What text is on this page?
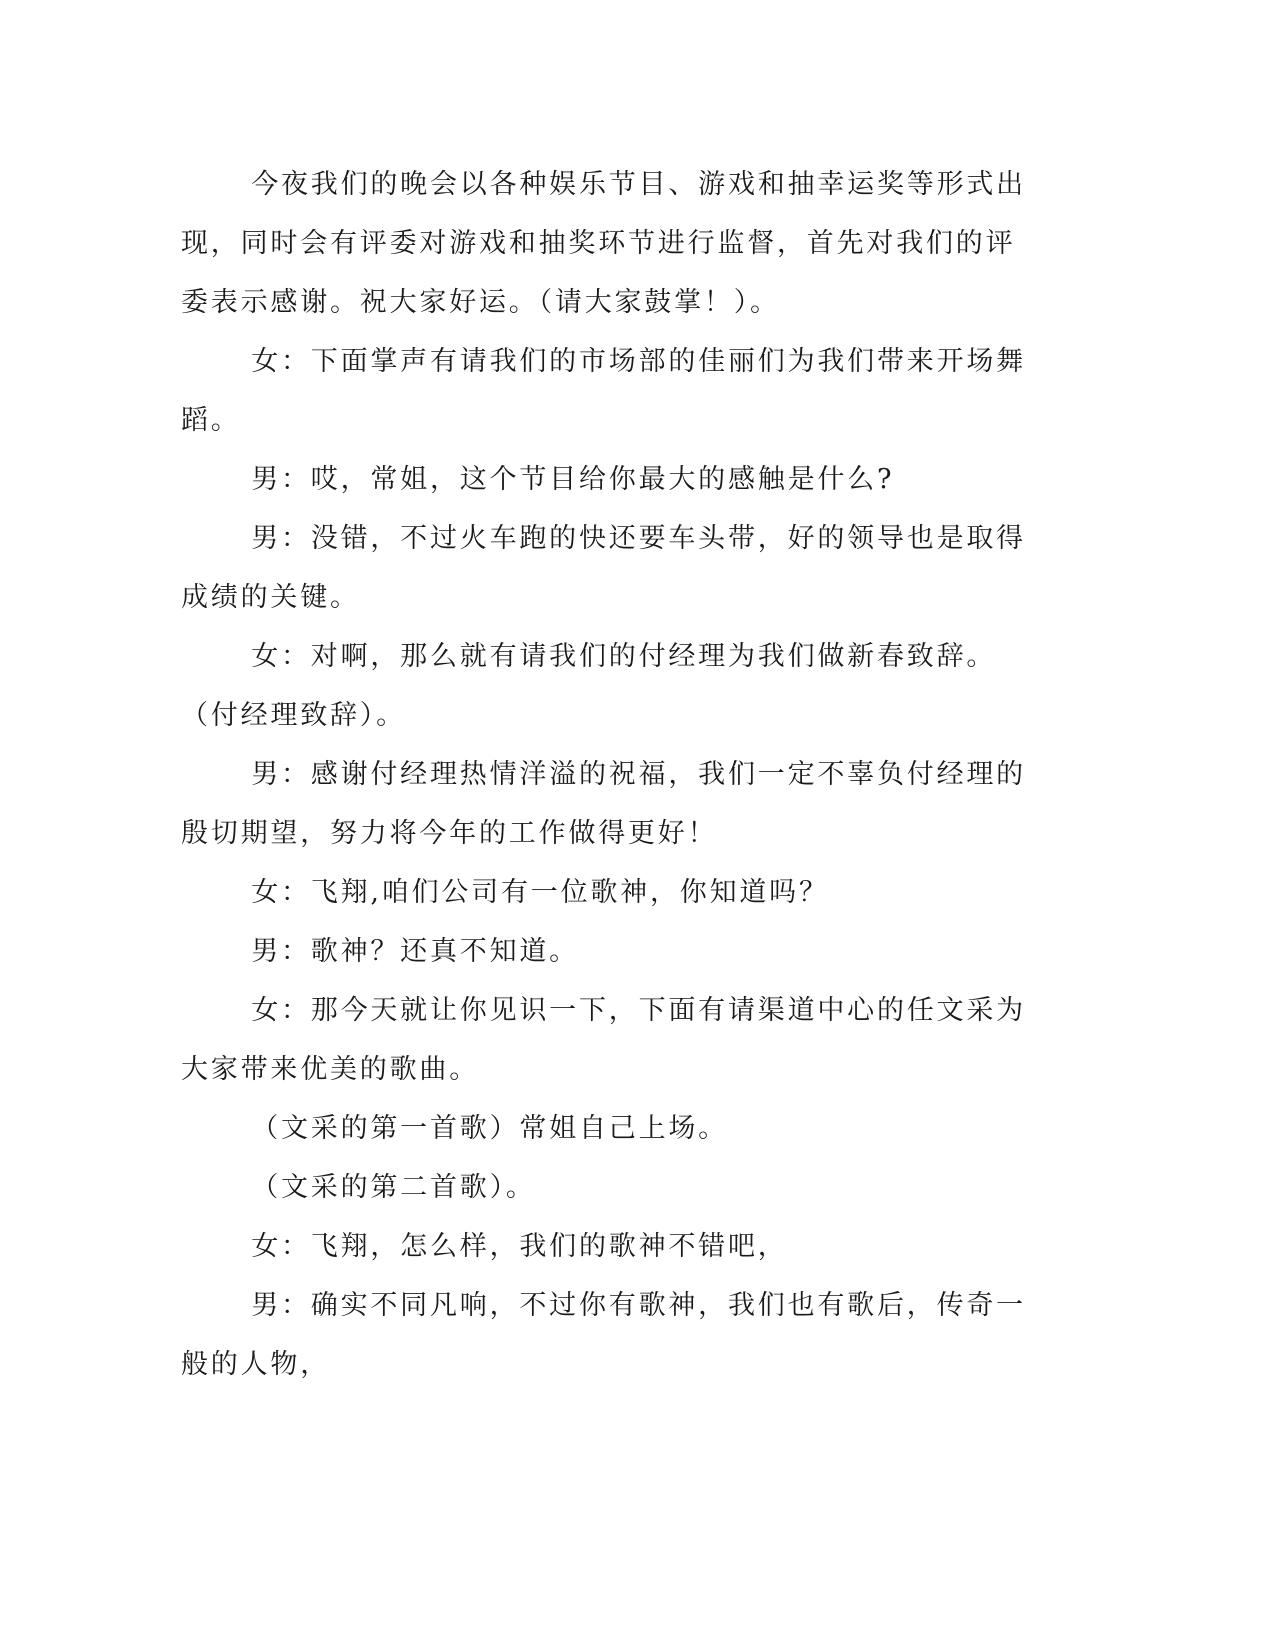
今夜我们的晚会以各种娱乐节目、游戏和抽幸运奖等形式出现，同时会有评委对游戏和抽奖环节进行监督，首先对我们的评委表示感谢。祝大家好运。（请大家鼓掌！）。

女：下面掌声有请我们的市场部的佳丽们为我们带来开场舞蹈。

男：哎，常姐，这个节目给你最大的感触是什么?

男：没错，不过火车跑的快还要车头带，好的领导也是取得成绩的关键。

女：对啊，那么就有请我们的付经理为我们做新春致辞。（付经理致辞）。

男：感谢付经理热情洋溢的祝福，我们一定不辜负付经理的殷切期望，努力将今年的工作做得更好！

女：飞翔,咱们公司有一位歌神，你知道吗？

男：歌神？还真不知道。

女：那今天就让你见识一下，下面有请渠道中心的任文采为大家带来优美的歌曲。

（文采的第一首歌）常姐自己上场。

（文采的第二首歌）。

女：飞翔，怎么样，我们的歌神不错吧，

男：确实不同凡响，不过你有歌神，我们也有歌后，传奇一般的人物，
